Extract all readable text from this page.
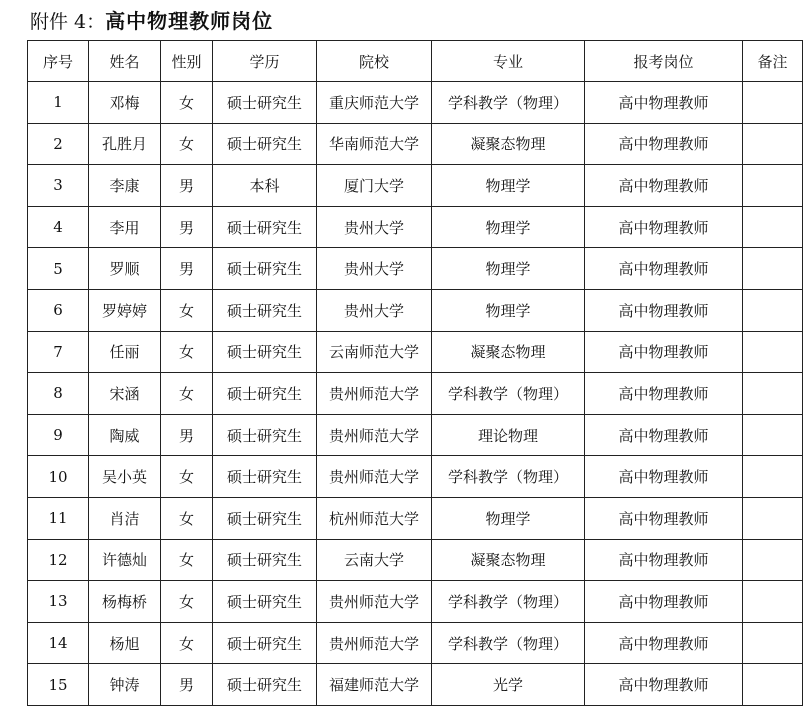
附件 4：高中物理教师岗位
序号	姓名	性别	学历	院校	专业	报考岗位	备注
1	邓梅	女	硕士研究生	重庆师范大学	学科教学（物理）	高中物理教师	
2	孔胜月	女	硕士研究生	华南师范大学	凝聚态物理	高中物理教师	
3	李康	男	本科	厦门大学	物理学	高中物理教师	
4	李用	男	硕士研究生	贵州大学	物理学	高中物理教师	
5	罗顺	男	硕士研究生	贵州大学	物理学	高中物理教师	
6	罗婷婷	女	硕士研究生	贵州大学	物理学	高中物理教师	
7	任丽	女	硕士研究生	云南师范大学	凝聚态物理	高中物理教师	
8	宋涵	女	硕士研究生	贵州师范大学	学科教学（物理）	高中物理教师	
9	陶威	男	硕士研究生	贵州师范大学	理论物理	高中物理教师	
10	吴小英	女	硕士研究生	贵州师范大学	学科教学（物理）	高中物理教师	
11	肖洁	女	硕士研究生	杭州师范大学	物理学	高中物理教师	
12	许德灿	女	硕士研究生	云南大学	凝聚态物理	高中物理教师	
13	杨梅桥	女	硕士研究生	贵州师范大学	学科教学（物理）	高中物理教师	
14	杨旭	女	硕士研究生	贵州师范大学	学科教学（物理）	高中物理教师	
15	钟涛	男	硕士研究生	福建师范大学	光学	高中物理教师	
